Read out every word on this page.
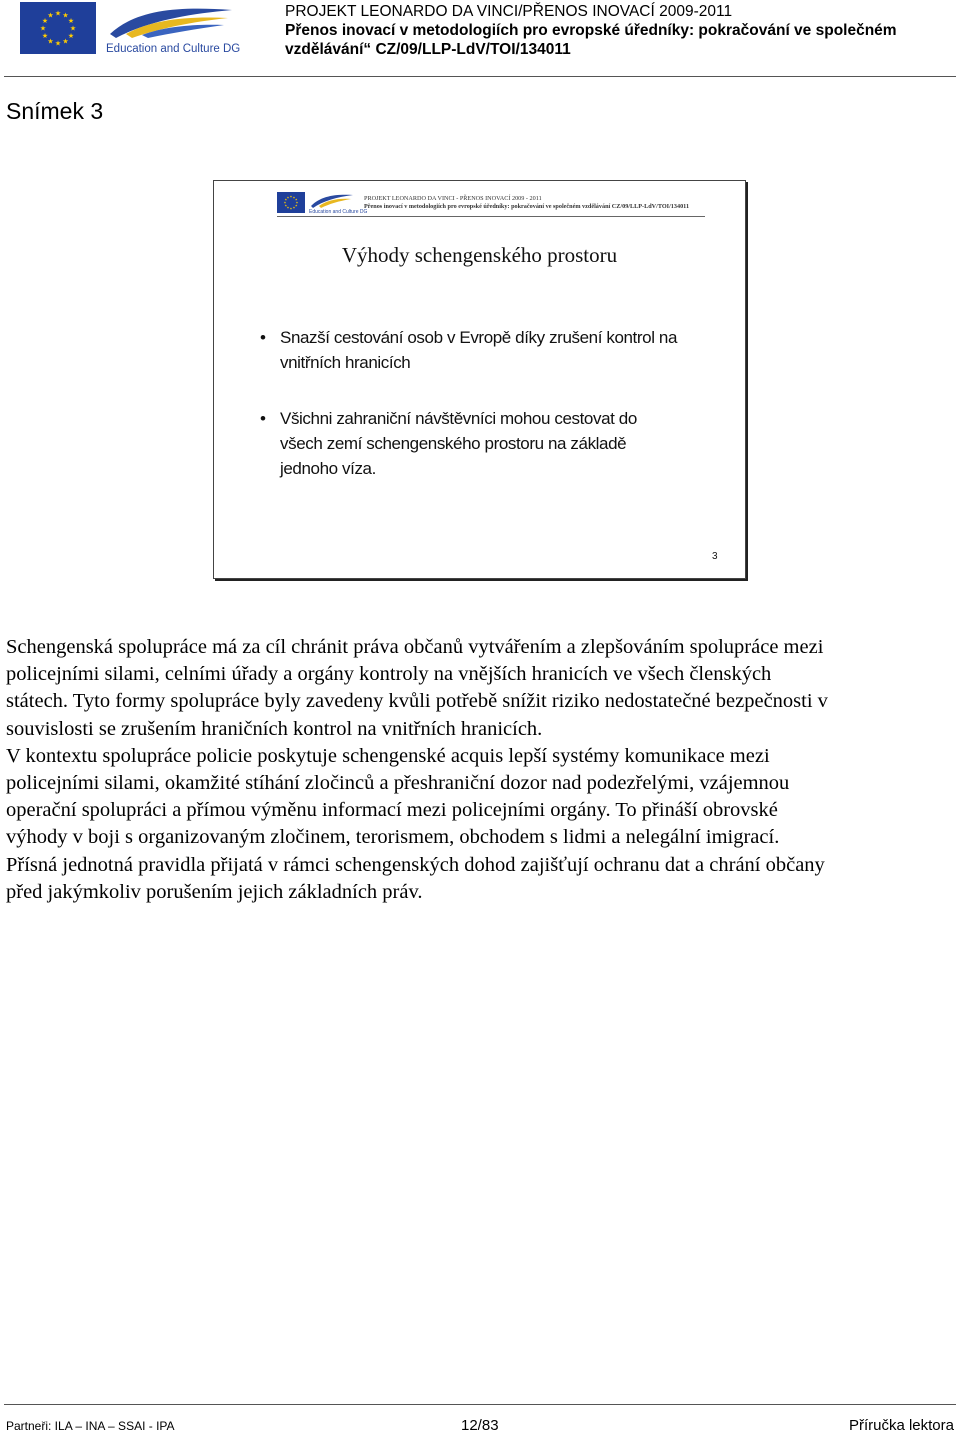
★
★
★
★
★
★
★
★
★ ★ ★
★
Education and Culture DG
PROJEKT LEONARDO DA VINCI/PŘENOS INOVACÍ 2009-2011
Přenos inovací v metodologiích pro evropské úředníky: pokračování ve společném
vzdělávání“ CZ/09/LLP-LdV/TOI/134011
Snímek 3
★
★
★
★
★
★
★
★
★ ★ ★
★
Education and Culture DG
PROJEKT LEONARDO DA VINCI - PŘENOS INOVACÍ 2009 - 2011
Přenos inovací v metodologiích pro evropské úředníky: pokračování ve společném vzdělávání CZ/09/LLP-LdV/TOI/134011
Výhody schengenského prostoru
• Snazší cestování osob v Evropě díky zrušení kontrol na
vnitřních hranicích
• Všichni zahraniční návštěvníci mohou cestovat do
všech zemí schengenského prostoru na základě
jednoho víza.
3

Schengenská spolupráce má za cíl chránit práva občanů vytvářením a zlepšováním spolupráce mezi

policejními silami, celními úřady a orgány kontroly na vnějších hranicích ve všech členských

státech. Tyto formy spolupráce byly zavedeny kvůli potřebě snížit riziko nedostatečné bezpečnosti v

souvislosti se zrušením hraničních kontrol na vnitřních hranicích.

V kontextu spolupráce policie poskytuje schengenské acquis lepší systémy komunikace mezi

policejními silami, okamžité stíhání zločinců a přeshraniční dozor nad podezřelými, vzájemnou

operační spolupráci a přímou výměnu informací mezi policejními orgány. To přináší obrovské

výhody v boji s organizovaným zločinem, terorismem, obchodem s lidmi a nelegální imigrací.

Přísná jednotná pravidla přijatá v rámci schengenských dohod zajišťují ochranu dat a chrání občany

před jakýmkoliv porušením jejich základních práv.

Partneři: ILA – INA – SSAI - IPA	12/83	Příručka lektora
